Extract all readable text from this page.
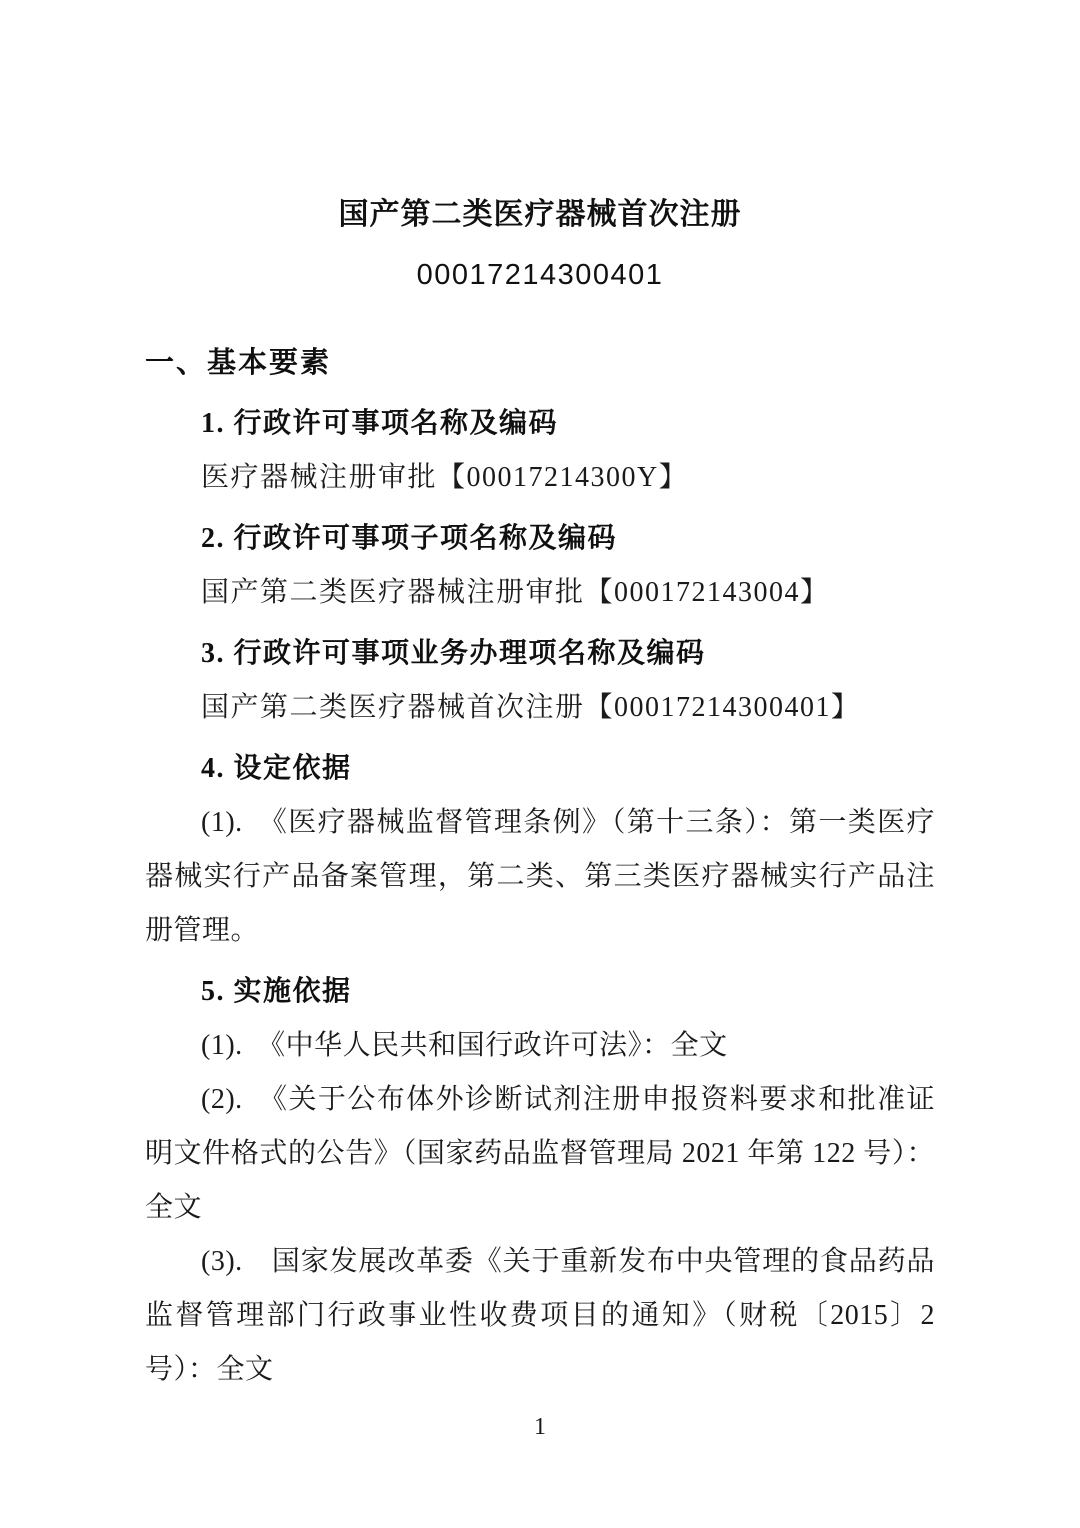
国产第二类医疗器械首次注册
00017214300401
一、基本要素
1. 行政许可事项名称及编码
医疗器械注册审批【00017214300Y】
2. 行政许可事项子项名称及编码
国产第二类医疗器械注册审批【000172143004】
3. 行政许可事项业务办理项名称及编码
国产第二类医疗器械首次注册【00017214300401】
4. 设定依据

(1).　《医疗器械监督管理条例》（第十三条）：第一类医疗器械实行产品备案管理，第二类、第三类医疗器械实行产品注册管理。

5. 实施依据

(1).　《中华人民共和国行政许可法》：全文

(2).　《关于公布体外诊断试剂注册申报资料要求和批准证明文件格式的公告》（国家药品监督管理局 2021 年第 122 号）：全文

(3).　国家发展改革委《关于重新发布中央管理的食品药品监督管理部门行政事业性收费项目的通知》（财税〔2015〕2 号）：全文

1
